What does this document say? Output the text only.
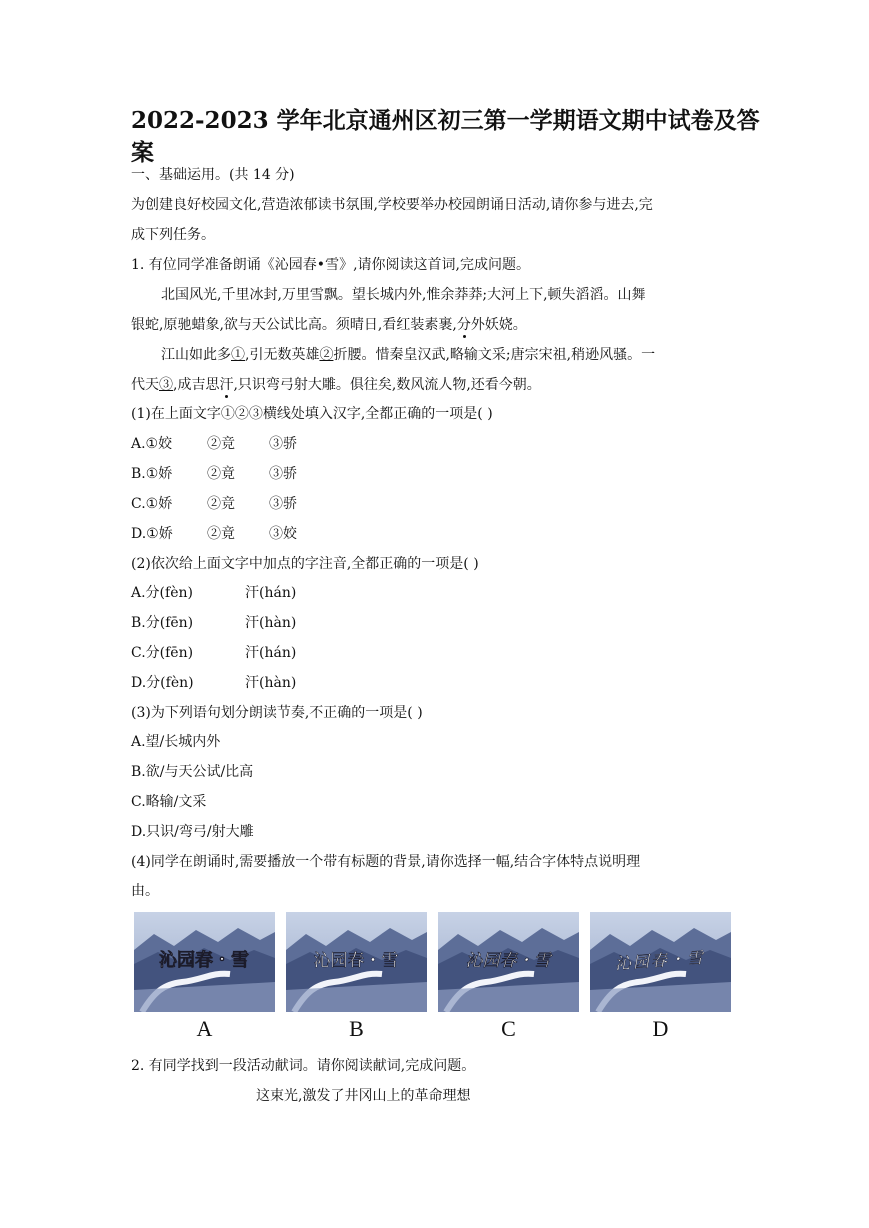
2022-2023 学年北京通州区初三第一学期语文期中试卷及答
案
一、基础运用。(共 14 分)
为创建良好校园文化,营造浓郁读书氛围,学校要举办校园朗诵日活动,请你参与进去,完
成下列任务。
1. 有位同学准备朗诵《沁园春•雪》,请你阅读这首词,完成问题。
北国风光,千里冰封,万里雪飘。望长城内外,惟余莽莽;大河上下,顿失滔滔。山舞
银蛇,原驰蜡象,欲与天公试比高。须晴日,看红装素裹,分外妖娆。
江山如此多①,引无数英雄②折腰。惜秦皇汉武,略输文采;唐宗宋祖,稍逊风骚。一
代天③,成吉思汗,只识弯弓射大雕。俱往矣,数风流人物,还看今朝。
(1)在上面文字①②③横线处填入汉字,全都正确的一项是( )
A.①姣 ②竞 ③骄
B.①娇 ②竟 ③骄
C.①娇 ②竞 ③骄
D.①娇 ②竟 ③姣
(2)依次给上面文字中加点的字注音,全都正确的一项是( )
A.分(fèn)	汗(hán)
B.分(fēn)	汗(hàn)
C.分(fēn)	汗(hán)
D.分(fèn)	汗(hàn)
(3)为下列语句划分朗读节奏,不正确的一项是( )
A.望/长城内外
B.欲/与天公试/比高
C.略输/文采
D.只识/弯弓/射大雕
(4)同学在朗诵时,需要播放一个带有标题的背景,请你选择一幅,结合字体特点说明理
由。
沁园春・雪
A
沁园春・雪
B
沁园春・雪
C
沁园春・雪
D
2. 有同学找到一段活动献词。请你阅读献词,完成问题。
这束光,激发了井冈山上的革命理想
